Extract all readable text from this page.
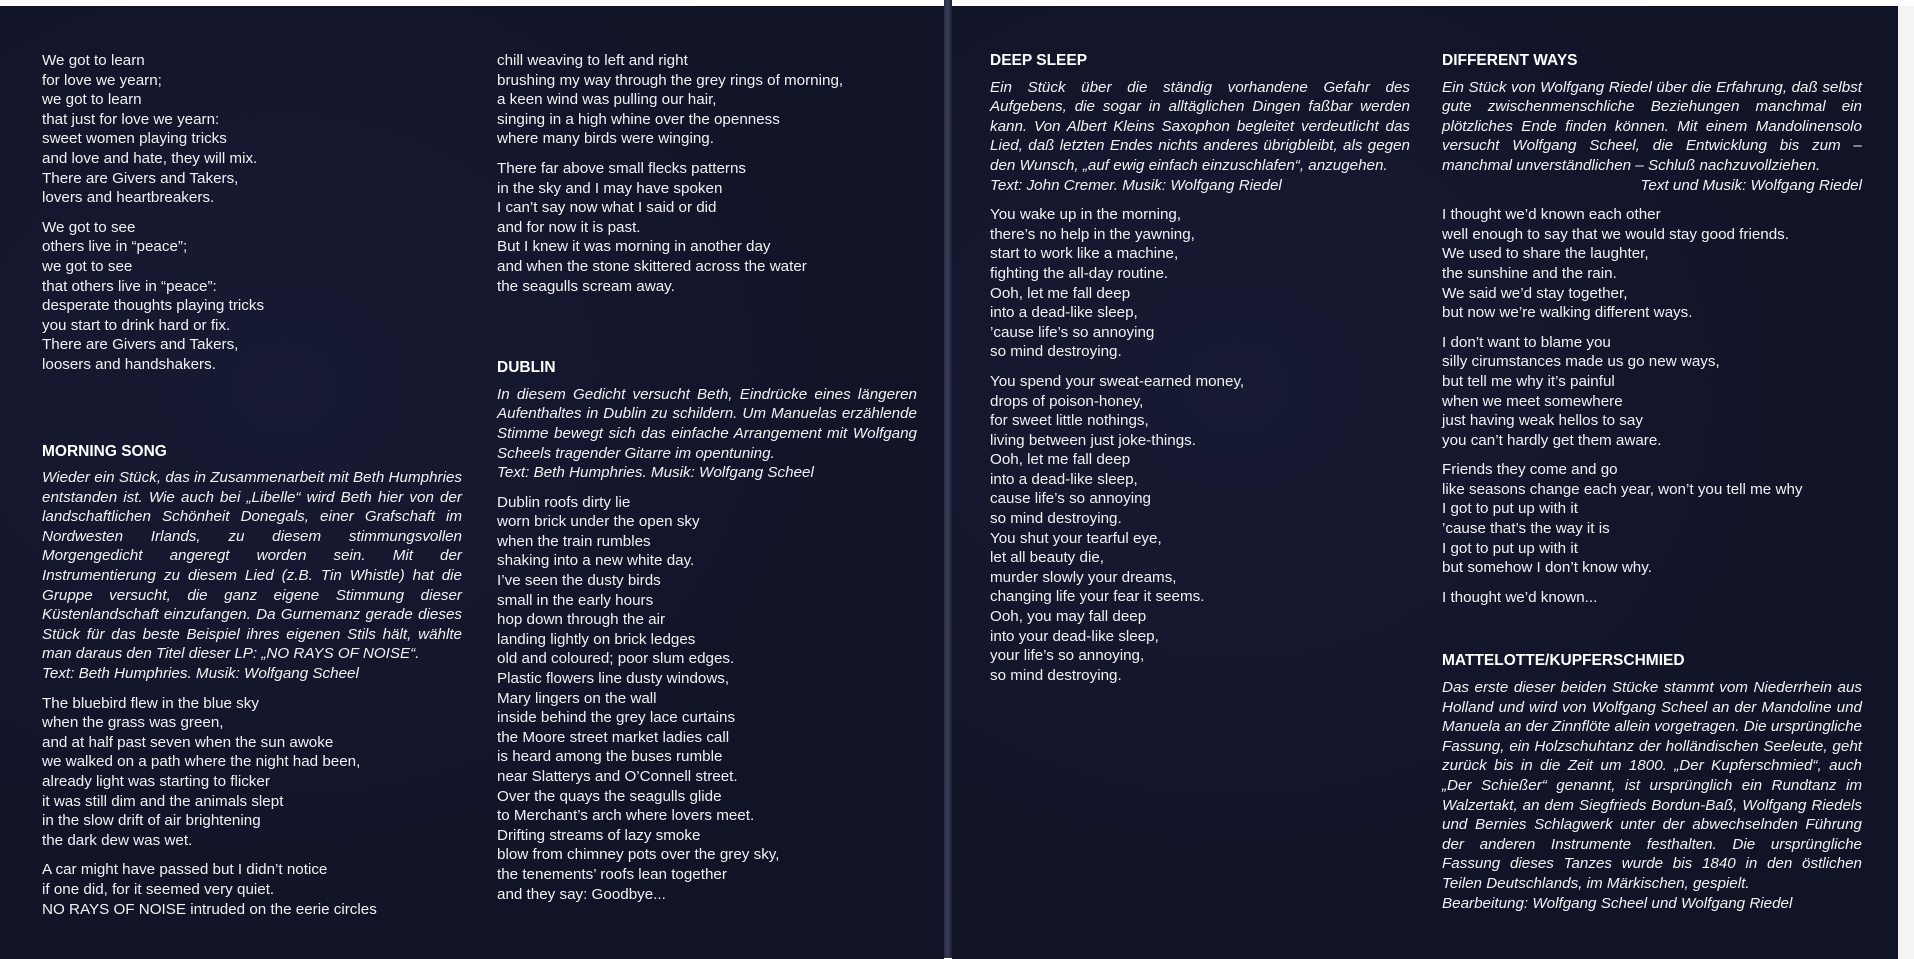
We got to learn
for love we yearn;
we got to learn
that just for love we yearn:
sweet women playing tricks
and love and hate, they will mix.
There are Givers and Takers,
lovers and heartbreakers.

We got to see
others live in “peace”;
we got to see
that others live in “peace”:
desperate thoughts playing tricks
you start to drink hard or fix.
There are Givers and Takers,
loosers and handshakers.

MORNING SONG

Wieder ein Stück, das in Zusammenarbeit mit Beth Humphries entstanden ist. Wie auch bei „Libelle“ wird Beth hier von der landschaftlichen Schönheit Donegals, einer Grafschaft im Nordwesten Irlands, zu diesem stimmungsvollen Morgengedicht angeregt worden sein. Mit der Instrumentierung zu diesem Lied (z.B. Tin Whistle) hat die Gruppe versucht, die ganz eigene Stimmung dieser Küstenlandschaft einzufangen. Da Gurnemanz gerade dieses Stück für das beste Beispiel ihres eigenen Stils hält, wählte man daraus den Titel dieser LP: „NO RAYS OF NOISE“.
Text: Beth Humphries. Musik: Wolfgang Scheel

The bluebird flew in the blue sky
when the grass was green,
and at half past seven when the sun awoke
we walked on a path where the night had been,
already light was starting to flicker
it was still dim and the animals slept
in the slow drift of air brightening
the dark dew was wet.

A car might have passed but I didn’t notice
if one did, for it seemed very quiet.
NO RAYS OF NOISE intruded on the eerie circles

chill weaving to left and right
brushing my way through the grey rings of morning,
a keen wind was pulling our hair,
singing in a high whine over the openness
where many birds were winging.

There far above small flecks patterns
in the sky and I may have spoken
I can’t say now what I said or did
and for now it is past.
But I knew it was morning in another day
and when the stone skittered across the water
the seagulls scream away.

DUBLIN

In diesem Gedicht versucht Beth, Eindrücke eines längeren Aufenthaltes in Dublin zu schildern. Um Manuelas erzählende Stimme bewegt sich das einfache Arrangement mit Wolfgang Scheels tragender Gitarre im opentuning.
Text: Beth Humphries. Musik: Wolfgang Scheel

Dublin roofs dirty lie
worn brick under the open sky
when the train rumbles
shaking into a new white day.
I’ve seen the dusty birds
small in the early hours
hop down through the air
landing lightly on brick ledges
old and coloured; poor slum edges.
Plastic flowers line dusty windows,
Mary lingers on the wall
inside behind the grey lace curtains
the Moore street market ladies call
is heard among the buses rumble
near Slatterys and O’Connell street.
Over the quays the seagulls glide
to Merchant’s arch where lovers meet.
Drifting streams of lazy smoke
blow from chimney pots over the grey sky,
the tenements’ roofs lean together
and they say: Goodbye...

DEEP SLEEP

Ein Stück über die ständig vorhandene Gefahr des Aufgebens, die sogar in alltäglichen Dingen faßbar werden kann. Von Albert Kleins Saxophon begleitet verdeutlicht das Lied, daß letzten Endes nichts anderes übrigbleibt, als gegen den Wunsch, „auf ewig einfach einzuschlafen“, anzugehen.
Text: John Cremer. Musik: Wolfgang Riedel

You wake up in the morning,
there’s no help in the yawning,
start to work like a machine,
fighting the all-day routine.
Ooh, let me fall deep
into a dead-like sleep,
’cause life’s so annoying
so mind destroying.

You spend your sweat-earned money,
drops of poison-honey,
for sweet little nothings,
living between just joke-things.
Ooh, let me fall deep
into a dead-like sleep,
cause life’s so annoying
so mind destroying.
You shut your tearful eye,
let all beauty die,
murder slowly your dreams,
changing life your fear it seems.
Ooh, you may fall deep
into your dead-like sleep,
your life’s so annoying,
so mind destroying.

DIFFERENT WAYS

Ein Stück von Wolfgang Riedel über die Erfahrung, daß selbst gute zwischenmenschliche Beziehungen manchmal ein plötzliches Ende finden können. Mit einem Mandolinensolo versucht Wolfgang Scheel, die Entwicklung bis zum – manchmal unverständlichen – Schluß nachzuvollziehen.
Text und Musik: Wolfgang Riedel

I thought we’d known each other
well enough to say that we would stay good friends.
We used to share the laughter,
the sunshine and the rain.
We said we’d stay together,
but now we’re walking different ways.

I don’t want to blame you
silly cirumstances made us go new ways,
but tell me why it’s painful
when we meet somewhere
just having weak hellos to say
you can’t hardly get them aware.

Friends they come and go
like seasons change each year, won’t you tell me why
I got to put up with it
’cause that’s the way it is
I got to put up with it
but somehow I don’t know why.

I thought we’d known...

MATTELOTTE/KUPFERSCHMIED

Das erste dieser beiden Stücke stammt vom Niederrhein aus Holland und wird von Wolfgang Scheel an der Mandoline und Manuela an der Zinnflöte allein vorgetragen. Die ursprüngliche Fassung, ein Holzschuhtanz der holländischen Seeleute, geht zurück bis in die Zeit um 1800. „Der Kupferschmied“, auch „Der Schießer“ genannt, ist ursprünglich ein Rundtanz im Walzertakt, an dem Siegfrieds Bordun-Baß, Wolfgang Riedels und Bernies Schlagwerk unter der abwechselnden Führung der anderen Instrumente festhalten. Die ursprüngliche Fassung dieses Tanzes wurde bis 1840 in den östlichen Teilen Deutschlands, im Märkischen, gespielt.
Bearbeitung: Wolfgang Scheel und Wolfgang Riedel
